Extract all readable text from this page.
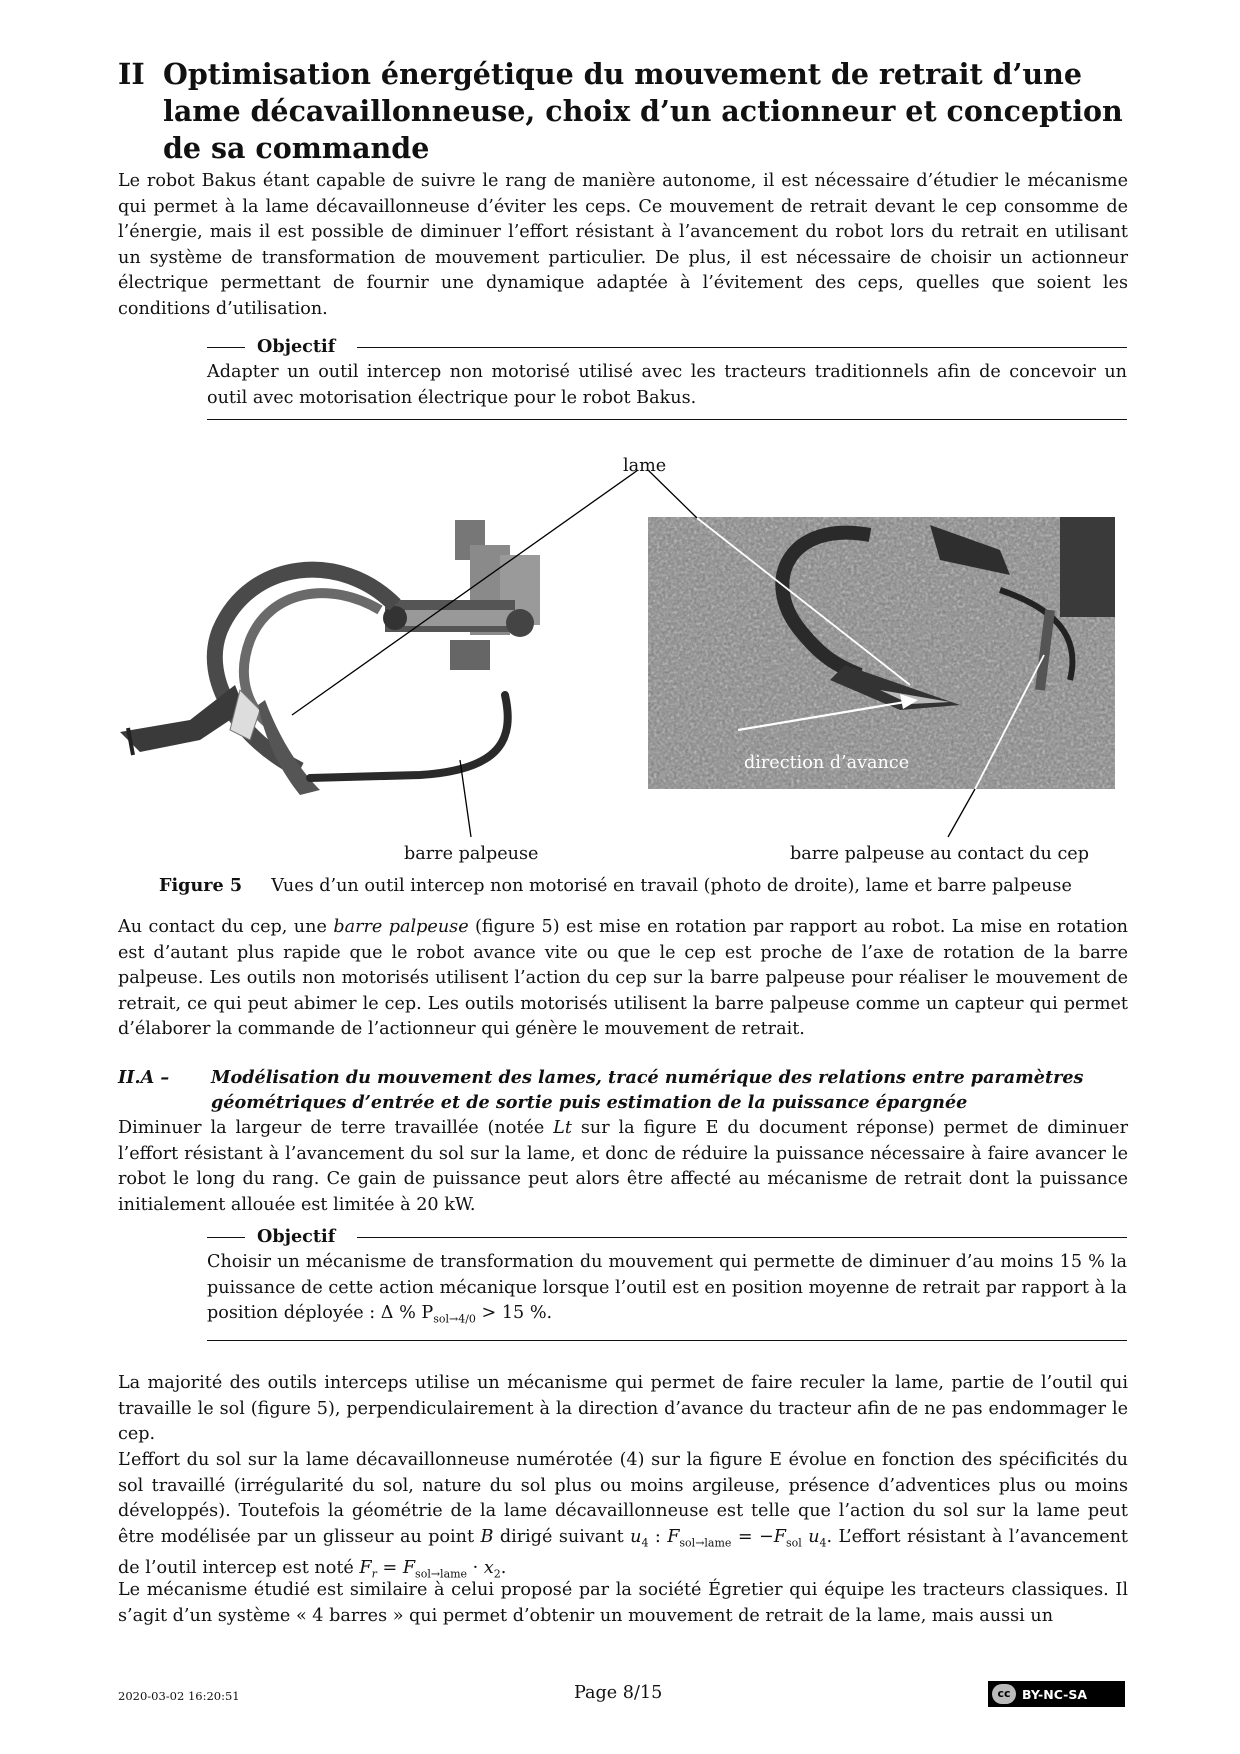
II Optimisation énergétique du mouvement de retrait d’une lame décavaillonneuse, choix d’un actionneur et conception de sa commande
Le robot Bakus étant capable de suivre le rang de manière autonome, il est nécessaire d’étudier le mécanisme qui permet à la lame décavaillonneuse d’éviter les ceps. Ce mouvement de retrait devant le cep consomme de l’énergie, mais il est possible de diminuer l’effort résistant à l’avancement du robot lors du retrait en utilisant un système de transformation de mouvement particulier. De plus, il est nécessaire de choisir un actionneur électrique permettant de fournir une dynamique adaptée à l’évitement des ceps, quelles que soient les conditions d’utilisation.
Objectif
Adapter un outil intercep non motorisé utilisé avec les tracteurs traditionnels afin de concevoir un outil avec motorisation électrique pour le robot Bakus.
lame
direction d’avance
barre palpeuse	barre palpeuse au contact du cep
Figure 5 Vues d’un outil intercep non motorisé en travail (photo de droite), lame et barre palpeuse
Au contact du cep, une barre palpeuse (figure 5) est mise en rotation par rapport au robot. La mise en rotation est d’autant plus rapide que le robot avance vite ou que le cep est proche de l’axe de rotation de la barre palpeuse. Les outils non motorisés utilisent l’action du cep sur la barre palpeuse pour réaliser le mouvement de retrait, ce qui peut abimer le cep. Les outils motorisés utilisent la barre palpeuse comme un capteur qui permet d’élaborer la commande de l’actionneur qui génère le mouvement de retrait.
II.A – Modélisation du mouvement des lames, tracé numérique des relations entre paramètres géométriques d’entrée et de sortie puis estimation de la puissance épargnée
Diminuer la largeur de terre travaillée (notée Lt sur la figure E du document réponse) permet de diminuer l’effort résistant à l’avancement du sol sur la lame, et donc de réduire la puissance nécessaire à faire avancer le robot le long du rang. Ce gain de puissance peut alors être affecté au mécanisme de retrait dont la puissance initialement allouée est limitée à 20 kW.
Objectif
Choisir un mécanisme de transformation du mouvement qui permette de diminuer d’au moins 15 % la puissance de cette action mécanique lorsque l’outil est en position moyenne de retrait par rapport à la position déployée : Δ % $P_{sol\to 4/0} > 15$ %.
La majorité des outils interceps utilise un mécanisme qui permet de faire reculer la lame, partie de l’outil qui travaille le sol (figure 5), perpendiculairement à la direction d’avance du tracteur afin de ne pas endommager le cep.
L’effort du sol sur la lame décavaillonneuse numérotée (4) sur la figure E évolue en fonction des spécificités du sol travaillé (irrégularité du sol, nature du sol plus ou moins argileuse, présence d’adventices plus ou moins développés). Toutefois la géométrie de la lame décavaillonneuse est telle que l’action du sol sur la lame peut être modélisée par un glisseur au point B dirigé suivant $u_4$ : $F_{sol\to lame} = -F_{sol}$ $u_4$. L’effort résistant à l’avancement de l’outil intercep est noté $F_r = F_{sol\to lame} \cdot x_2$.
Le mécanisme étudié est similaire à celui proposé par la société Égretier qui équipe les tracteurs classiques. Il s’agit d’un système « 4 barres » qui permet d’obtenir un mouvement de retrait de la lame, mais aussi un
2020-03-02 16:20:51	Page 8/15	cc BY-NC-SA
